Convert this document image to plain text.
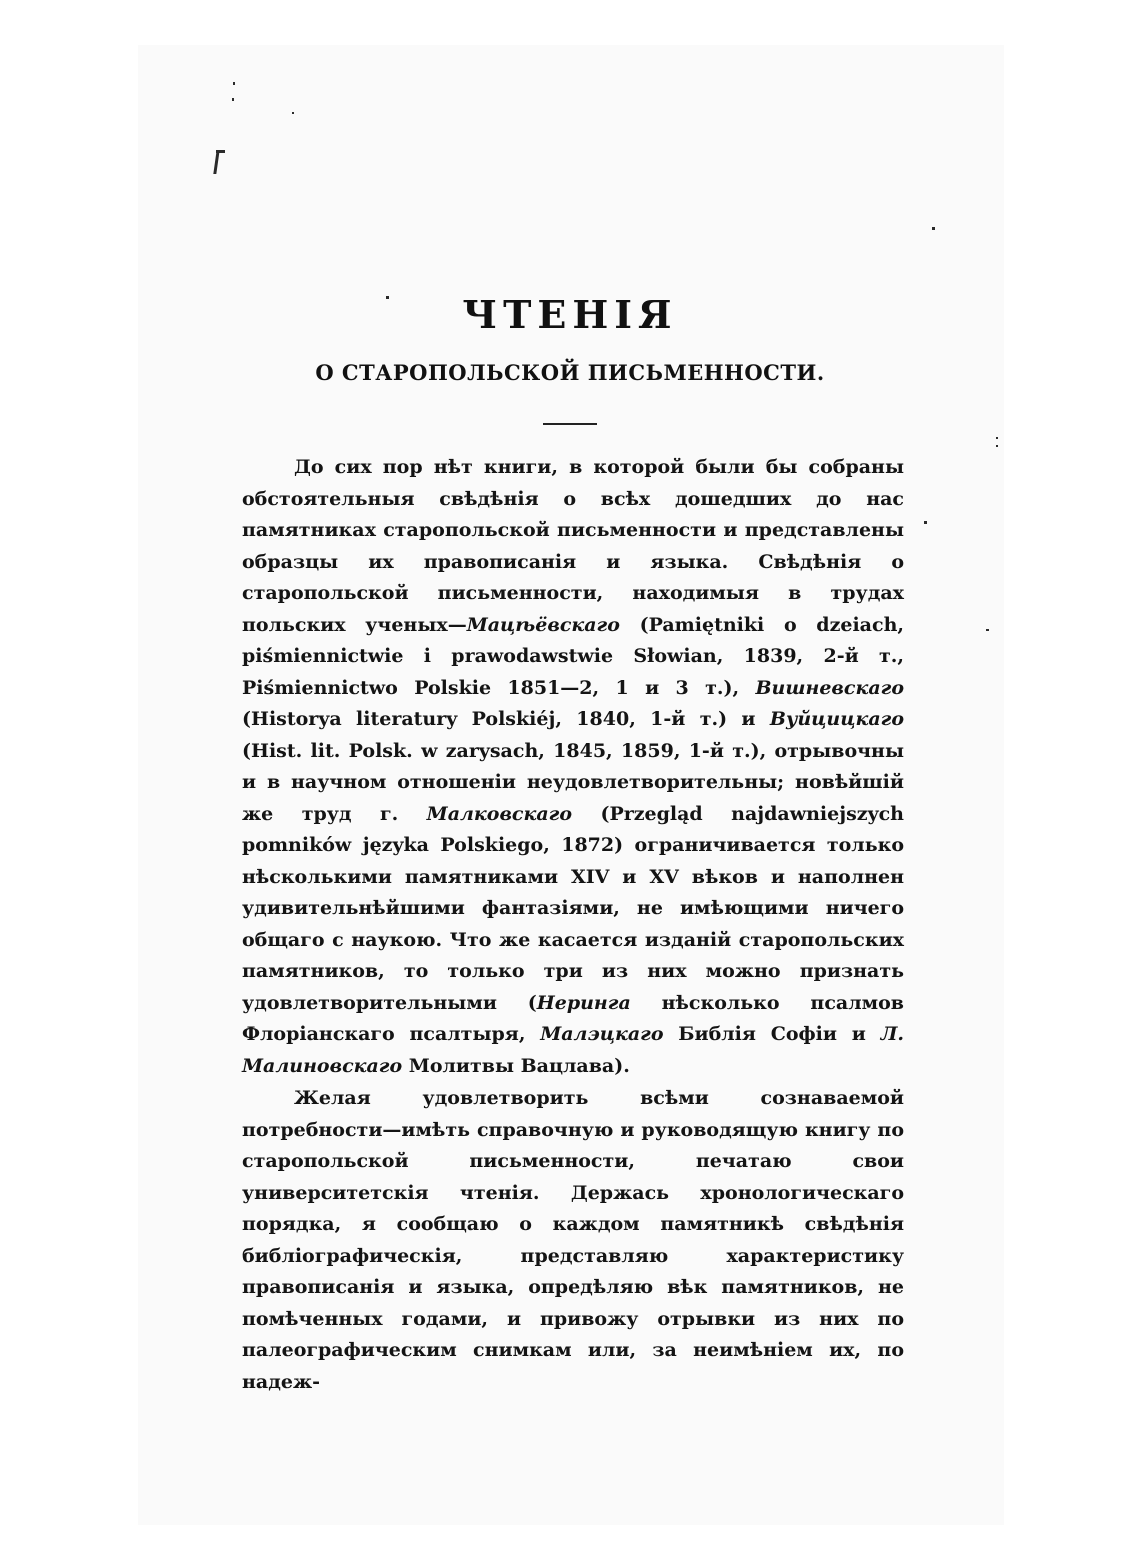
ЧТЕНІЯ
О СТАРОПОЛЬСКОЙ ПИСЬМЕННОСТИ.

До сих пор нѣт книги, в которой были бы собраны обстоятельныя свѣдѣнія о всѣх дошедших до нас памятниках старопольской письменности и представлены образцы их правописанія и языка. Свѣдѣнія о старопольской письменности, находимыя в трудах польских ученых—Мацѣёвскаго (Pamiętniki o dzeiach, piśmiennictwie i prawodawstwie Słowian, 1839, 2-й т., Piśmiennictwo Polskie 1851—2, 1 и 3 т.), Вишневскаго (Historya literatury Polskiéj, 1840, 1-й т.) и Вуйцицкаго (Hist. lit. Polsk. w zarysach, 1845, 1859, 1-й т.), отрывочны и в научном отношеніи неудовлетворительны; новѣйшій же труд г. Малковскаго (Przegląd najdawniejszych pomników języka Polskiego, 1872) ограничивается только нѣсколькими памятниками XIV и XV вѣков и наполнен удивительнѣйшими фантазіями, не имѣющими ничего общаго с наукою. Что же касается изданій старопольских памятников, то только три из них можно признать удовлетворительными (Неринга нѣсколько псалмов Флоріанскаго псалтыря, Малэцкаго Библія Софіи и Л. Малиновскаго Молитвы Вацлава).

Желая удовлетворить всѣми сознаваемой потребности—имѣть справочную и руководящую книгу по старопольской письменности, печатаю свои университетскія чтенія. Держась хронологическаго порядка, я сообщаю о каждом памятникѣ свѣдѣнія библіографическія, представляю характеристику правописанія и языка, опредѣляю вѣк памятников, не помѣченных годами, и привожу отрывки из них по палеографическим снимкам или, за неимѣніем их, по надеж-
